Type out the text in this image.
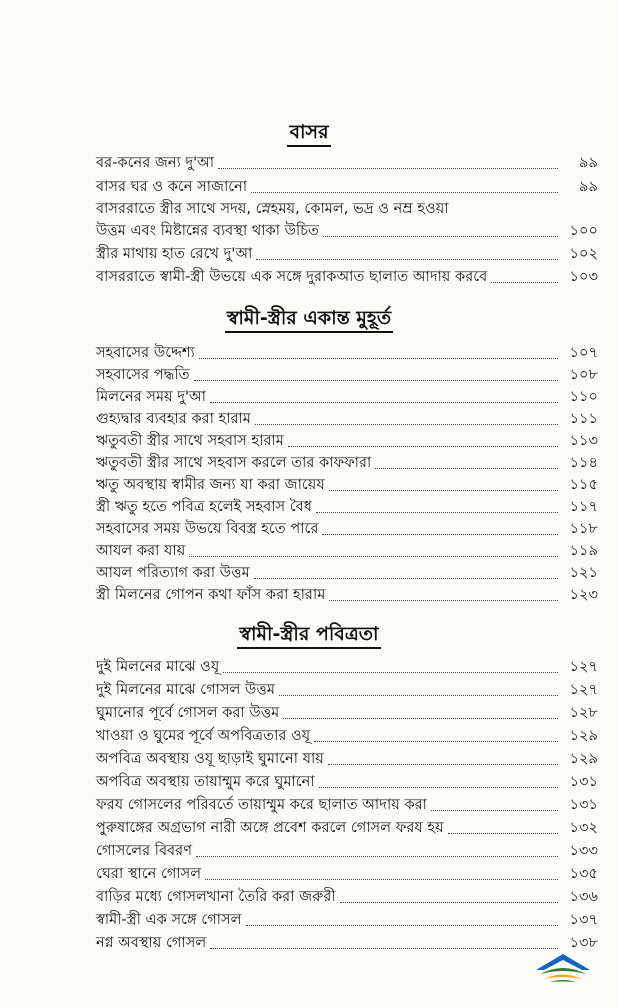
বাসর
বর-কনের জন্য দু'আ	৯৯
বাসর ঘর ও কনে সাজানো	৯৯
বাসররাতে স্ত্রীর সাথে সদয়, স্নেহময়, কোমল, ভদ্র ও নম্র হওয়া
উত্তম এবং মিষ্টান্নের ব্যবস্থা থাকা উচিত	১০০
স্ত্রীর মাথায় হাত রেখে দু'আ	১০২
বাসররাতে স্বামী-স্ত্রী উভয়ে এক সঙ্গে দুরাকআত ছালাত আদায় করবে	১০৩
স্বামী-স্ত্রীর একান্ত মুহূর্ত
সহবাসের উদ্দেশ্য	১০৭
সহবাসের পদ্ধতি	১০৮
মিলনের সময় দু'আ	১১০
গুহ্যদ্বার ব্যবহার করা হারাম	১১১
ঋতুবতী স্ত্রীর সাথে সহবাস হারাম	১১৩
ঋতুবতী স্ত্রীর সাথে সহবাস করলে তার কাফফারা	১১৪
ঋতু অবস্থায় স্বামীর জন্য যা করা জায়েয	১১৫
স্ত্রী ঋতু হতে পবিত্র হলেই সহবাস বৈধ	১১৭
সহবাসের সময় উভয়ে বিবস্ত্র হতে পারে	১১৮
আযল করা যায়	১১৯
আযল পরিত্যাগ করা উত্তম	১২১
স্ত্রী মিলনের গোপন কথা ফাঁস করা হারাম	১২৩
স্বামী-স্ত্রীর পবিত্রতা
দুই মিলনের মাঝে ওযূ	১২৭
দুই মিলনের মাঝে গোসল উত্তম	১২৭
ঘুমানোর পূর্বে গোসল করা উত্তম	১২৮
খাওয়া ও ঘুমের পূর্বে অপবিত্রতার ওযূ	১২৯
অপবিত্র অবস্থায় ওযূ ছাড়াই ঘুমানো যায়	১২৯
অপবিত্র অবস্থায় তায়াম্মুম করে ঘুমানো	১৩১
ফরয গোসলের পরিবর্তে তায়াম্মুম করে ছালাত আদায় করা	১৩১
পুরুষাঙ্গের অগ্রভাগ নারী অঙ্গে প্রবেশ করলে গোসল ফরয হয়	১৩২
গোসলের বিবরণ	১৩৩
ঘেরা স্থানে গোসল	১৩৫
বাড়ির মধ্যে গোসলখানা তৈরি করা জরুরী	১৩৬
স্বামী-স্ত্রী এক সঙ্গে গোসল	১৩৭
নগ্ন অবস্থায় গোসল	১৩৮
